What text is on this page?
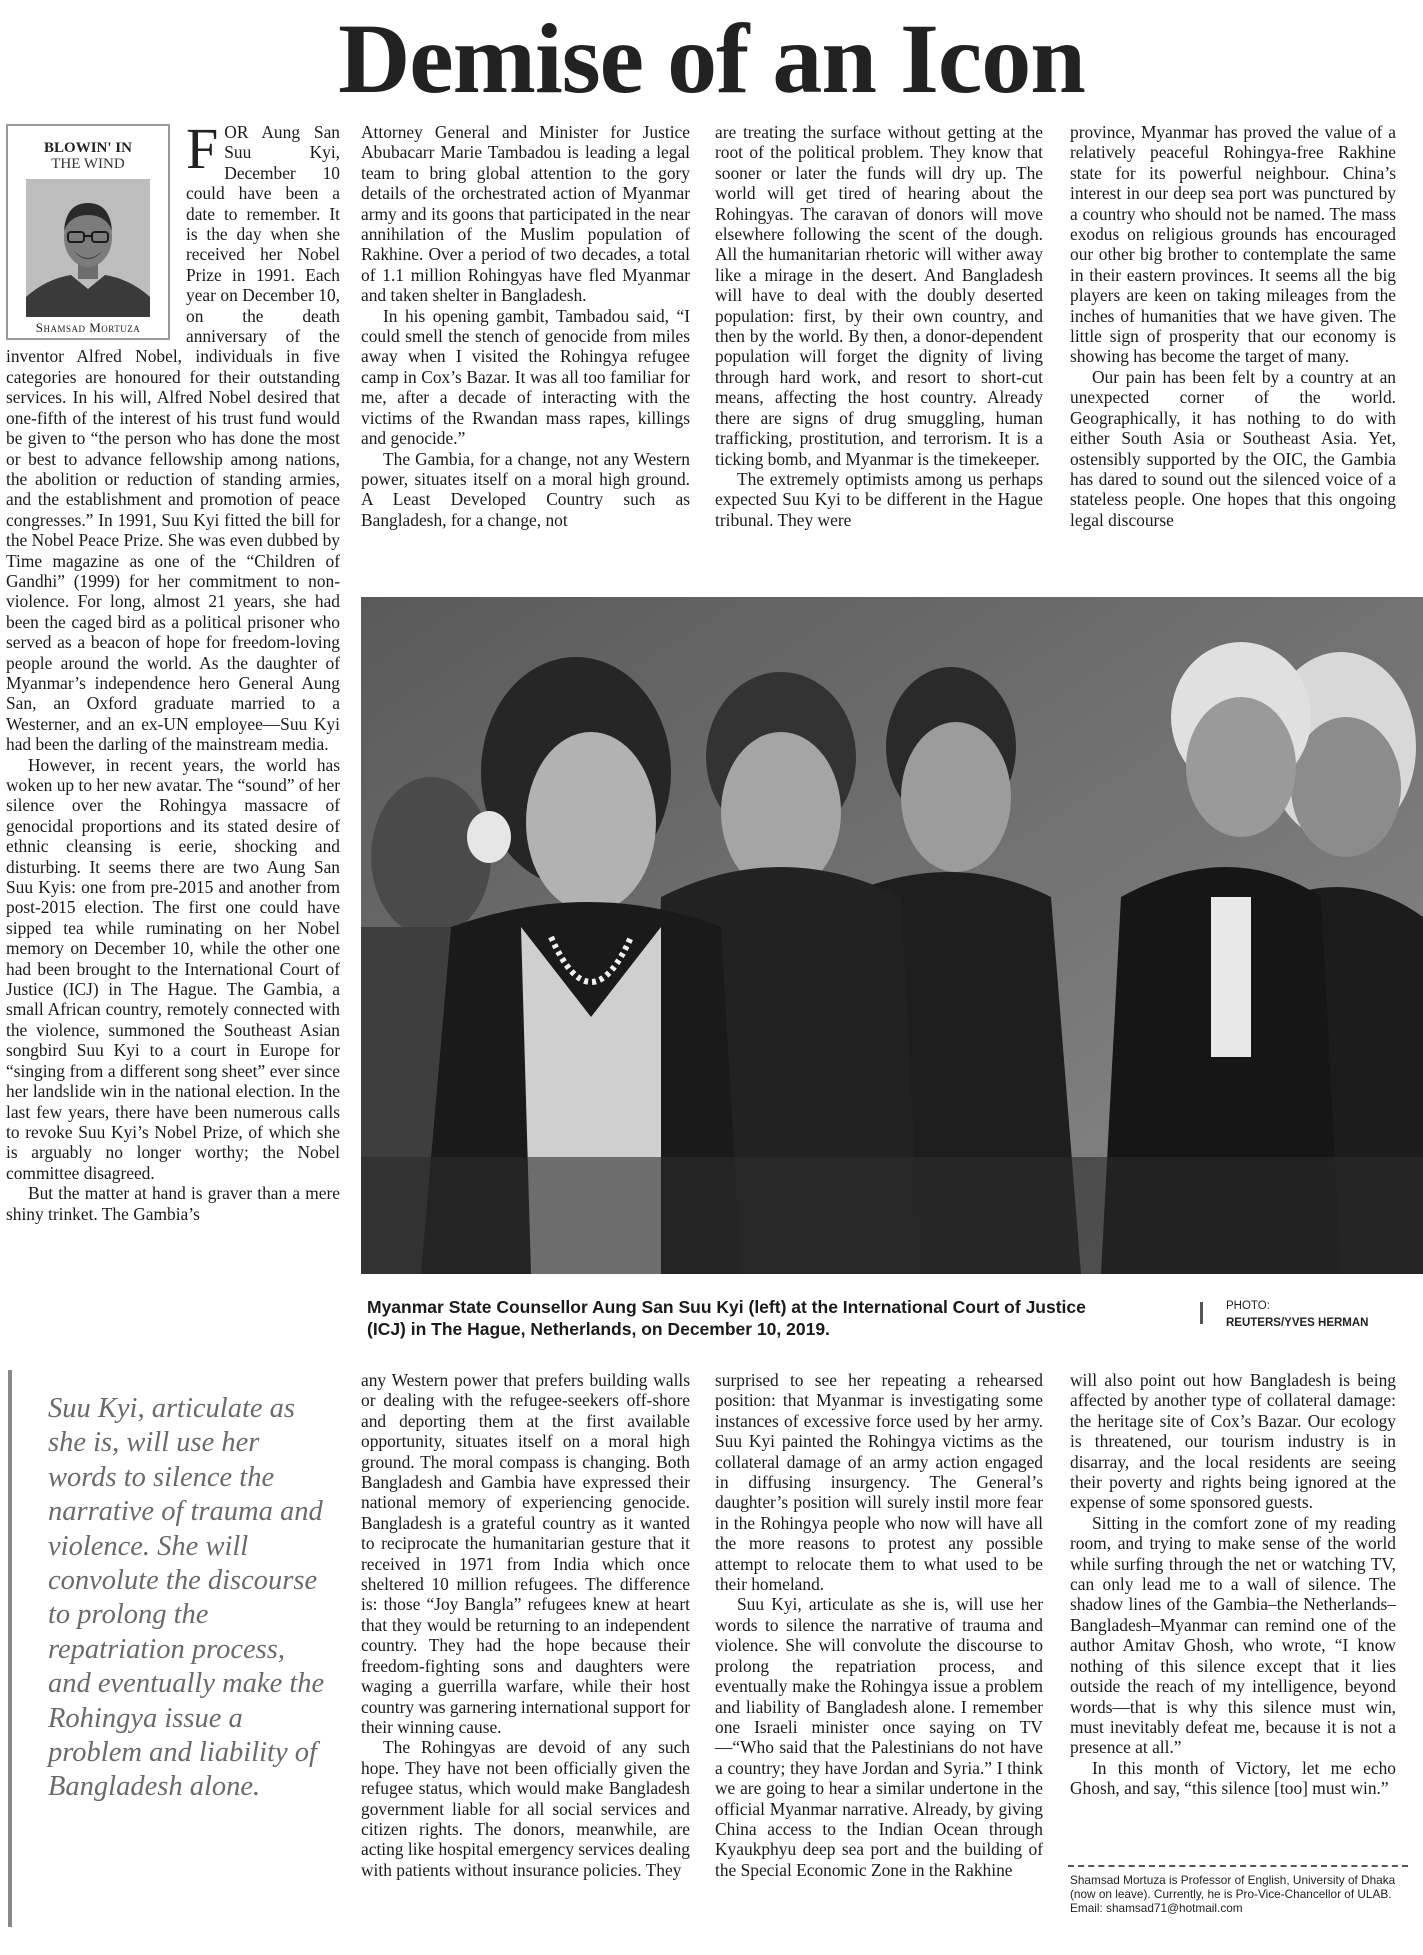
Demise of an Icon
BLOWIN' IN
THE WIND
Shamsad Mortuza

FOR Aung San Suu Kyi, December 10 could have been a date to remember. It is the day when she received her Nobel Prize in 1991. Each year on December 10, on the death anniversary of the inventor Alfred Nobel, individuals in five categories are honoured for their outstanding services. In his will, Alfred Nobel desired that one-fifth of the interest of his trust fund would be given to “the person who has done the most or best to advance fellowship among nations, the abolition or reduction of standing armies, and the establishment and promotion of peace congresses.” In 1991, Suu Kyi fitted the bill for the Nobel Peace Prize. She was even dubbed by Time magazine as one of the “Children of Gandhi” (1999) for her commitment to non-violence. For long, almost 21 years, she had been the caged bird as a political prisoner who served as a beacon of hope for freedom-loving people around the world. As the daughter of Myanmar’s independence hero General Aung San, an Oxford graduate married to a Westerner, and an ex-UN employee—Suu Kyi had been the darling of the mainstream media.

However, in recent years, the world has woken up to her new avatar. The “sound” of her silence over the Rohingya massacre of genocidal proportions and its stated desire of ethnic cleansing is eerie, shocking and disturbing. It seems there are two Aung San Suu Kyis: one from pre-2015 and another from post-2015 election. The first one could have sipped tea while ruminating on her Nobel memory on December 10, while the other one had been brought to the International Court of Justice (ICJ) in The Hague. The Gambia, a small African country, remotely connected with the violence, summoned the Southeast Asian songbird Suu Kyi to a court in Europe for “singing from a different song sheet” ever since her landslide win in the national election. In the last few years, there have been numerous calls to revoke Suu Kyi’s Nobel Prize, of which she is arguably no longer worthy; the Nobel committee disagreed.

But the matter at hand is graver than a mere shiny trinket. The Gambia’s

Attorney General and Minister for Justice Abubacarr Marie Tambadou is leading a legal team to bring global attention to the gory details of the orchestrated action of Myanmar army and its goons that participated in the near annihilation of the Muslim population of Rakhine. Over a period of two decades, a total of 1.1 million Rohingyas have fled Myanmar and taken shelter in Bangladesh.

In his opening gambit, Tambadou said, “I could smell the stench of genocide from miles away when I visited the Rohingya refugee camp in Cox’s Bazar. It was all too familiar for me, after a decade of interacting with the victims of the Rwandan mass rapes, killings and genocide.”

The Gambia, for a change, not any Western power, situates itself on a moral high ground. A Least Developed Country such as Bangladesh, for a change, not

are treating the surface without getting at the root of the political problem. They know that sooner or later the funds will dry up. The world will get tired of hearing about the Rohingyas. The caravan of donors will move elsewhere following the scent of the dough. All the humanitarian rhetoric will wither away like a mirage in the desert. And Bangladesh will have to deal with the doubly deserted population: first, by their own country, and then by the world. By then, a donor-dependent population will forget the dignity of living through hard work, and resort to short-cut means, affecting the host country. Already there are signs of drug smuggling, human trafficking, prostitution, and terrorism. It is a ticking bomb, and Myanmar is the timekeeper.

The extremely optimists among us perhaps expected Suu Kyi to be different in the Hague tribunal. They were

province, Myanmar has proved the value of a relatively peaceful Rohingya-free Rakhine state for its powerful neighbour. China’s interest in our deep sea port was punctured by a country who should not be named. The mass exodus on religious grounds has encouraged our other big brother to contemplate the same in their eastern provinces. It seems all the big players are keen on taking mileages from the inches of humanities that we have given. The little sign of prosperity that our economy is showing has become the target of many.

Our pain has been felt by a country at an unexpected corner of the world. Geographically, it has nothing to do with either South Asia or Southeast Asia. Yet, ostensibly supported by the OIC, the Gambia has dared to sound out the silenced voice of a stateless people. One hopes that this ongoing legal discourse

Myanmar State Counsellor Aung San Suu Kyi (left) at the International Court of Justice (ICJ) in The Hague, Netherlands, on December 10, 2019.
PHOTO:
REUTERS/YVES HERMAN
Suu Kyi, articulate as she is, will use her words to silence the narrative of trauma and violence. She will convolute the discourse to prolong the repatriation process, and eventually make the Rohingya issue a problem and liability of Bangladesh alone.

any Western power that prefers building walls or dealing with the refugee-seekers off-shore and deporting them at the first available opportunity, situates itself on a moral high ground. The moral compass is changing. Both Bangladesh and Gambia have expressed their national memory of experiencing genocide. Bangladesh is a grateful country as it wanted to reciprocate the humanitarian gesture that it received in 1971 from India which once sheltered 10 million refugees. The difference is: those “Joy Bangla” refugees knew at heart that they would be returning to an independent country. They had the hope because their freedom-fighting sons and daughters were waging a guerrilla warfare, while their host country was garnering international support for their winning cause.

The Rohingyas are devoid of any such hope. They have not been officially given the refugee status, which would make Bangladesh government liable for all social services and citizen rights. The donors, meanwhile, are acting like hospital emergency services dealing with patients without insurance policies. They

surprised to see her repeating a rehearsed position: that Myanmar is investigating some instances of excessive force used by her army. Suu Kyi painted the Rohingya victims as the collateral damage of an army action engaged in diffusing insurgency. The General’s daughter’s position will surely instil more fear in the Rohingya people who now will have all the more reasons to protest any possible attempt to relocate them to what used to be their homeland.

Suu Kyi, articulate as she is, will use her words to silence the narrative of trauma and violence. She will convolute the discourse to prolong the repatriation process, and eventually make the Rohingya issue a problem and liability of Bangladesh alone. I remember one Israeli minister once saying on TV—“Who said that the Palestinians do not have a country; they have Jordan and Syria.” I think we are going to hear a similar undertone in the official Myanmar narrative. Already, by giving China access to the Indian Ocean through Kyaukphyu deep sea port and the building of the Special Economic Zone in the Rakhine

will also point out how Bangladesh is being affected by another type of collateral damage: the heritage site of Cox’s Bazar. Our ecology is threatened, our tourism industry is in disarray, and the local residents are seeing their poverty and rights being ignored at the expense of some sponsored guests.

Sitting in the comfort zone of my reading room, and trying to make sense of the world while surfing through the net or watching TV, can only lead me to a wall of silence. The shadow lines of the Gambia–the Netherlands–Bangladesh–Myanmar can remind one of the author Amitav Ghosh, who wrote, “I know nothing of this silence except that it lies outside the reach of my intelligence, beyond words—that is why this silence must win, must inevitably defeat me, because it is not a presence at all.”

In this month of Victory, let me echo Ghosh, and say, “this silence [too] must win.”

Shamsad Mortuza is Professor of English, University of Dhaka (now on leave). Currently, he is Pro-Vice-Chancellor of ULAB. Email: shamsad71@hotmail.com
